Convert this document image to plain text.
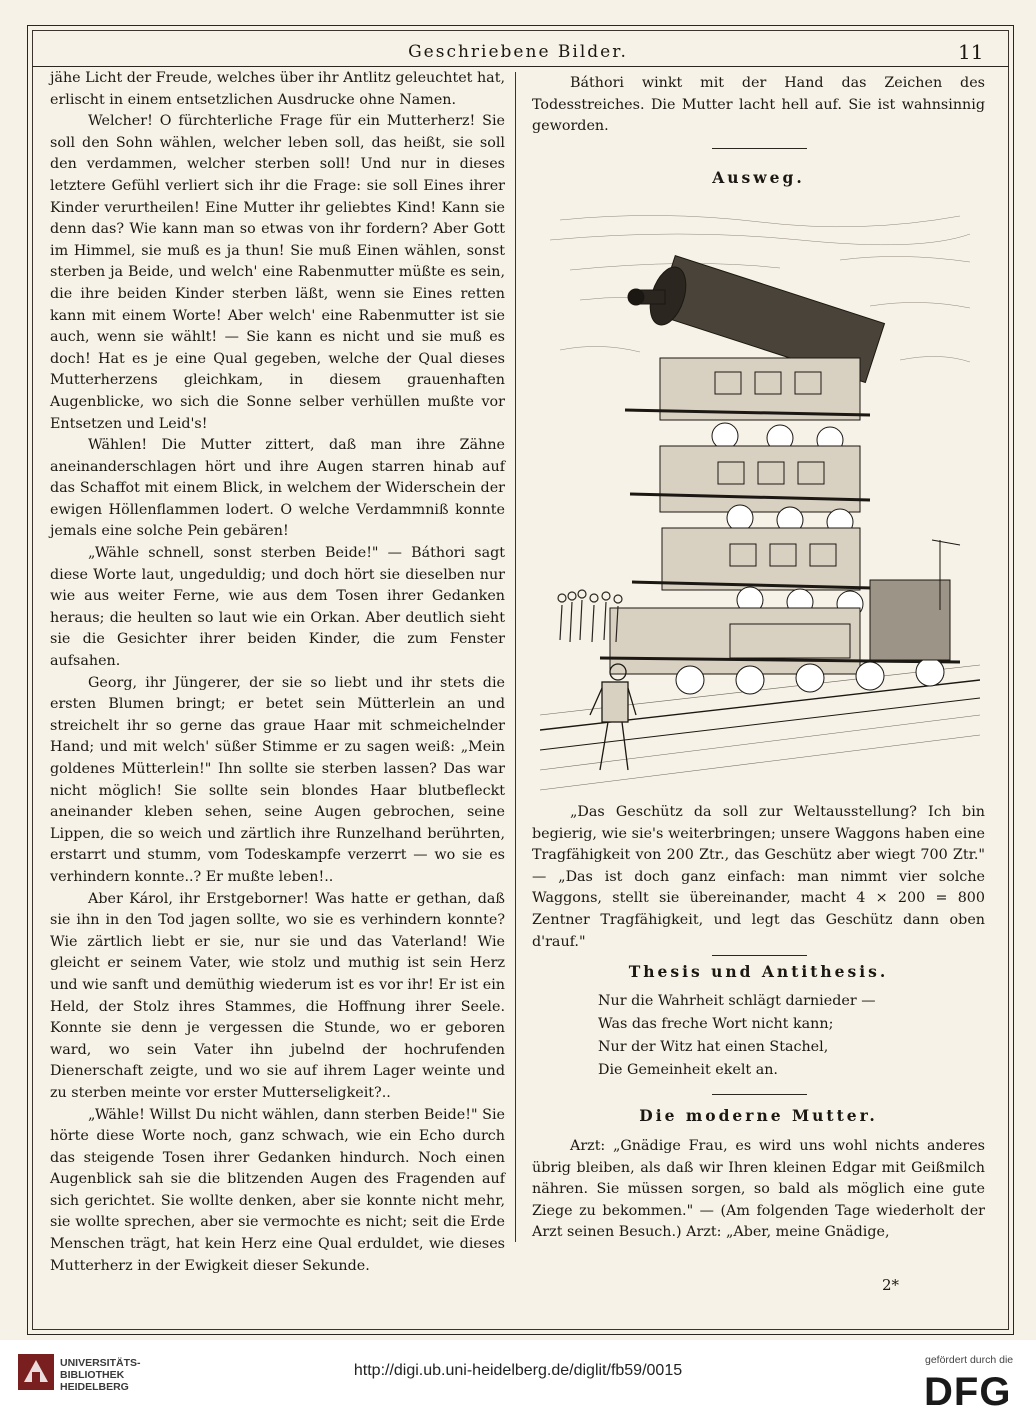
Geschriebene Bilder.	11

jähe Licht der Freude, welches über ihr Antlitz geleuchtet hat, erlischt in einem entsetzlichen Ausdrucke ohne Namen.

Welcher! O fürchterliche Frage für ein Mutterherz! Sie soll den Sohn wählen, welcher leben soll, das heißt, sie soll den verdammen, welcher sterben soll! Und nur in dieses letztere Gefühl verliert sich ihr die Frage: sie soll Eines ihrer Kinder verurtheilen! Eine Mutter ihr geliebtes Kind! Kann sie denn das? Wie kann man so etwas von ihr fordern? Aber Gott im Himmel, sie muß es ja thun! Sie muß Einen wählen, sonst sterben ja Beide, und welch' eine Rabenmutter müßte es sein, die ihre beiden Kinder sterben läßt, wenn sie Eines retten kann mit einem Worte! Aber welch' eine Rabenmutter ist sie auch, wenn sie wählt! — Sie kann es nicht und sie muß es doch! Hat es je eine Qual gegeben, welche der Qual dieses Mutterherzens gleichkam, in diesem grauenhaften Augenblicke, wo sich die Sonne selber verhüllen mußte vor Entsetzen und Leid's!

Wählen! Die Mutter zittert, daß man ihre Zähne aneinanderschlagen hört und ihre Augen starren hinab auf das Schaffot mit einem Blick, in welchem der Widerschein der ewigen Höllenflammen lodert. O welche Verdammniß konnte jemals eine solche Pein gebären!

„Wähle schnell, sonst sterben Beide!" — Báthori sagt diese Worte laut, ungeduldig; und doch hört sie dieselben nur wie aus weiter Ferne, wie aus dem Tosen ihrer Gedanken heraus; die heulten so laut wie ein Orkan. Aber deutlich sieht sie die Gesichter ihrer beiden Kinder, die zum Fenster aufsahen.

Georg, ihr Jüngerer, der sie so liebt und ihr stets die ersten Blumen bringt; er betet sein Mütterlein an und streichelt ihr so gerne das graue Haar mit schmeichelnder Hand; und mit welch' süßer Stimme er zu sagen weiß: „Mein goldenes Mütterlein!" Ihn sollte sie sterben lassen? Das war nicht möglich! Sie sollte sein blondes Haar blutbefleckt aneinander kleben sehen, seine Augen gebrochen, seine Lippen, die so weich und zärtlich ihre Runzelhand berührten, erstarrt und stumm, vom Todeskampfe verzerrt — wo sie es verhindern konnte..? Er mußte leben!..

Aber Károl, ihr Erstgeborner! Was hatte er gethan, daß sie ihn in den Tod jagen sollte, wo sie es verhindern konnte? Wie zärtlich liebt er sie, nur sie und das Vaterland! Wie gleicht er seinem Vater, wie stolz und muthig ist sein Herz und wie sanft und demüthig wiederum ist es vor ihr! Er ist ein Held, der Stolz ihres Stammes, die Hoffnung ihrer Seele. Konnte sie denn je vergessen die Stunde, wo er geboren ward, wo sein Vater ihn jubelnd der hochrufenden Dienerschaft zeigte, und wo sie auf ihrem Lager weinte und zu sterben meinte vor erster Mutterseligkeit?..

„Wähle! Willst Du nicht wählen, dann sterben Beide!" Sie hörte diese Worte noch, ganz schwach, wie ein Echo durch das steigende Tosen ihrer Gedanken hindurch. Noch einen Augenblick sah sie die blitzenden Augen des Fragenden auf sich gerichtet. Sie wollte denken, aber sie konnte nicht mehr, sie wollte sprechen, aber sie vermochte es nicht; seit die Erde Menschen trägt, hat kein Herz eine Qual erduldet, wie dieses Mutterherz in der Ewigkeit dieser Sekunde.

Báthori winkt mit der Hand das Zeichen des Todesstreiches. Die Mutter lacht hell auf. Sie ist wahnsinnig geworden.

Ausweg.

„Das Geschütz da soll zur Weltausstellung? Ich bin begierig, wie sie's weiterbringen; unsere Waggons haben eine Tragfähigkeit von 200 Ztr., das Geschütz aber wiegt 700 Ztr." — „Das ist doch ganz einfach: man nimmt vier solche Waggons, stellt sie übereinander, macht 4 × 200 = 800 Zentner Tragfähigkeit, und legt das Geschütz dann oben d'rauf."

Thesis und Antithesis.
Nur die Wahrheit schlägt darnieder —
Was das freche Wort nicht kann;
Nur der Witz hat einen Stachel,
Die Gemeinheit ekelt an.
Die moderne Mutter.

Arzt: „Gnädige Frau, es wird uns wohl nichts anderes übrig bleiben, als daß wir Ihren kleinen Edgar mit Geißmilch nähren. Sie müssen sorgen, so bald als möglich eine gute Ziege zu bekommen." — (Am folgenden Tage wiederholt der Arzt seinen Besuch.) Arzt: „Aber, meine Gnädige,

2*
UNIVERSITÄTS-
BIBLIOTHEK
HEIDELBERG
http://digi.ub.uni-heidelberg.de/diglit/fb59/0015
gefördert durch die
DFG
